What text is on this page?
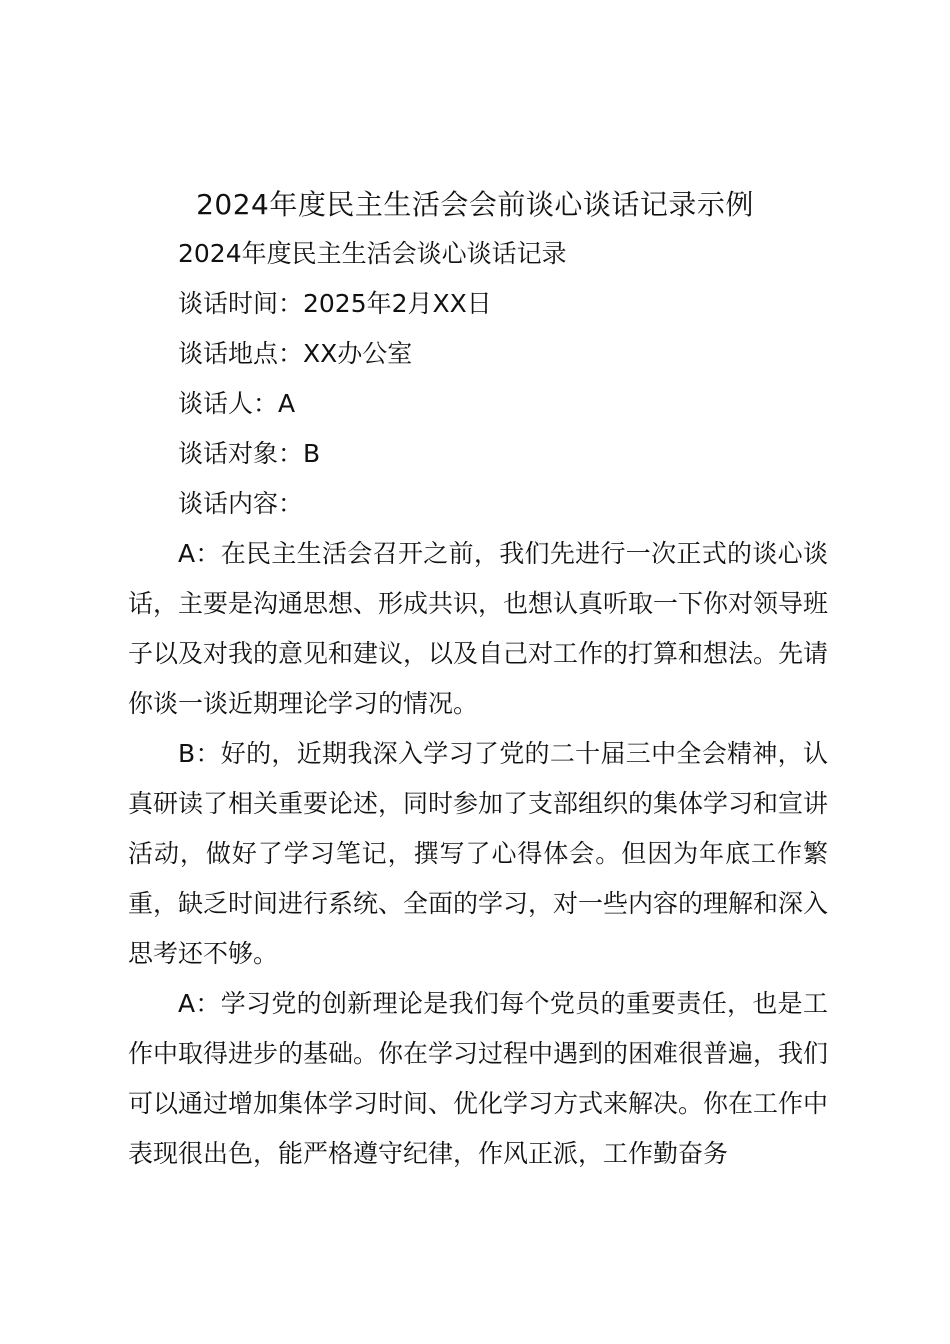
2024年度民主生活会会前谈心谈话记录示例

2024年度民主生活会谈心谈话记录

谈话时间：2025年2月XX日

谈话地点：XX办公室

谈话人：A

谈话对象：B

谈话内容：

A：在民主生活会召开之前，我们先进行一次正式的谈心谈话，主要是沟通思想、形成共识，也想认真听取一下你对领导班子以及对我的意见和建议，以及自己对工作的打算和想法。先请你谈一谈近期理论学习的情况。

B：好的，近期我深入学习了党的二十届三中全会精神，认真研读了相关重要论述，同时参加了支部组织的集体学习和宣讲活动，做好了学习笔记，撰写了心得体会。但因为年底工作繁重，缺乏时间进行系统、全面的学习，对一些内容的理解和深入思考还不够。

A：学习党的创新理论是我们每个党员的重要责任，也是工作中取得进步的基础。你在学习过程中遇到的困难很普遍，我们可以通过增加集体学习时间、优化学习方式来解决。你在工作中表现很出色，能严格遵守纪律，作风正派，工作勤奋务
